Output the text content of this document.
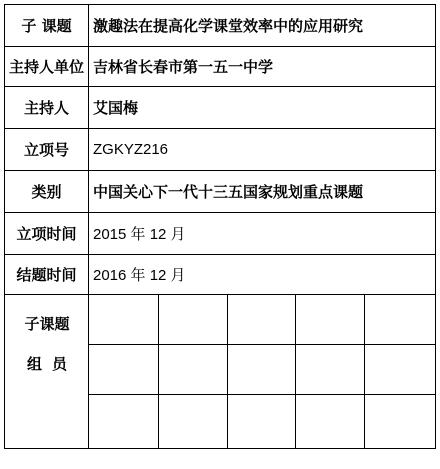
子 课题	激趣法在提高化学课堂效率中的应用研究
主持人单位 吉林省长春市第一五一中学
主持人	艾国梅
立项号	ZGKYZ216
类别	中国关心下一代十三五国家规划重点课题
立项时间	2015 年 12 月
结题时间	2016 年 12 月
子课题
组员
